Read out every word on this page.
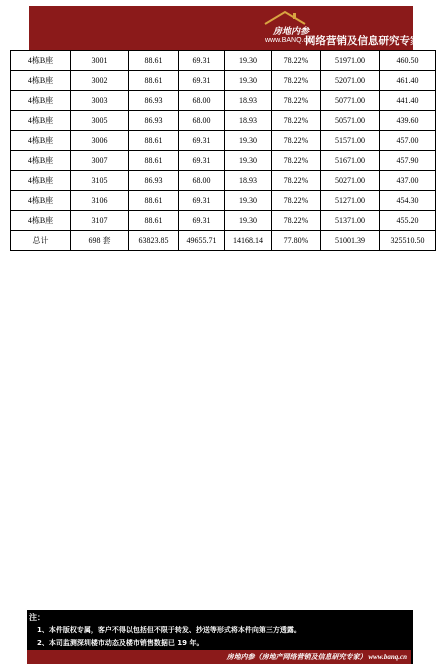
房地内参
www.BANQ.cn
网络营销及信息研究专家
4栋B座	3001	88.61	69.31	19.30	78.22%	51971.00	460.50
4栋B座	3002	88.61	69.31	19.30	78.22%	52071.00	461.40
4栋B座	3003	86.93	68.00	18.93	78.22%	50771.00	441.40
4栋B座	3005	86.93	68.00	18.93	78.22%	50571.00	439.60
4栋B座	3006	88.61	69.31	19.30	78.22%	51571.00	457.00
4栋B座	3007	88.61	69.31	19.30	78.22%	51671.00	457.90
4栋B座	3105	86.93	68.00	18.93	78.22%	50271.00	437.00
4栋B座	3106	88.61	69.31	19.30	78.22%	51271.00	454.30
4栋B座	3107	88.61	69.31	19.30	78.22%	51371.00	455.20
总计	698 套	63823.85	49655.71	14168.14	77.80%	51001.39	325510.50
注：
1、本件版权专属，客户不得以包括但不限于转发、抄送等形式将本件向第三方透露。
2、本司监测深圳楼市动态及楼市销售数据已 19 年。
房地内参（房地产网络营销及信息研究专家） www.banq.cn
26
